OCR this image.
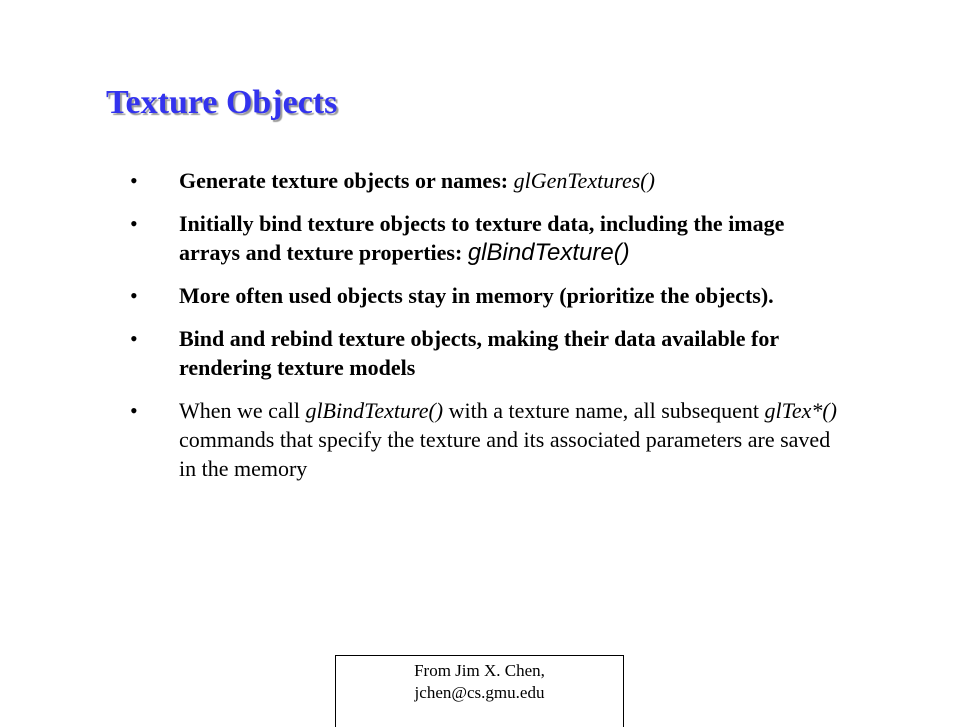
Texture Objects
• Generate texture objects or names: glGenTextures()
• Initially bind texture objects to texture data, including the image arrays and texture properties: glBindTexture()
• More often used objects stay in memory (prioritize the objects).
• Bind and rebind texture objects, making their data available for rendering texture models
• When we call glBindTexture() with a texture name, all subsequent glTex*() commands that specify the texture and its associated parameters are saved in the memory
From Jim X. Chen,
jchen@cs.gmu.edu
